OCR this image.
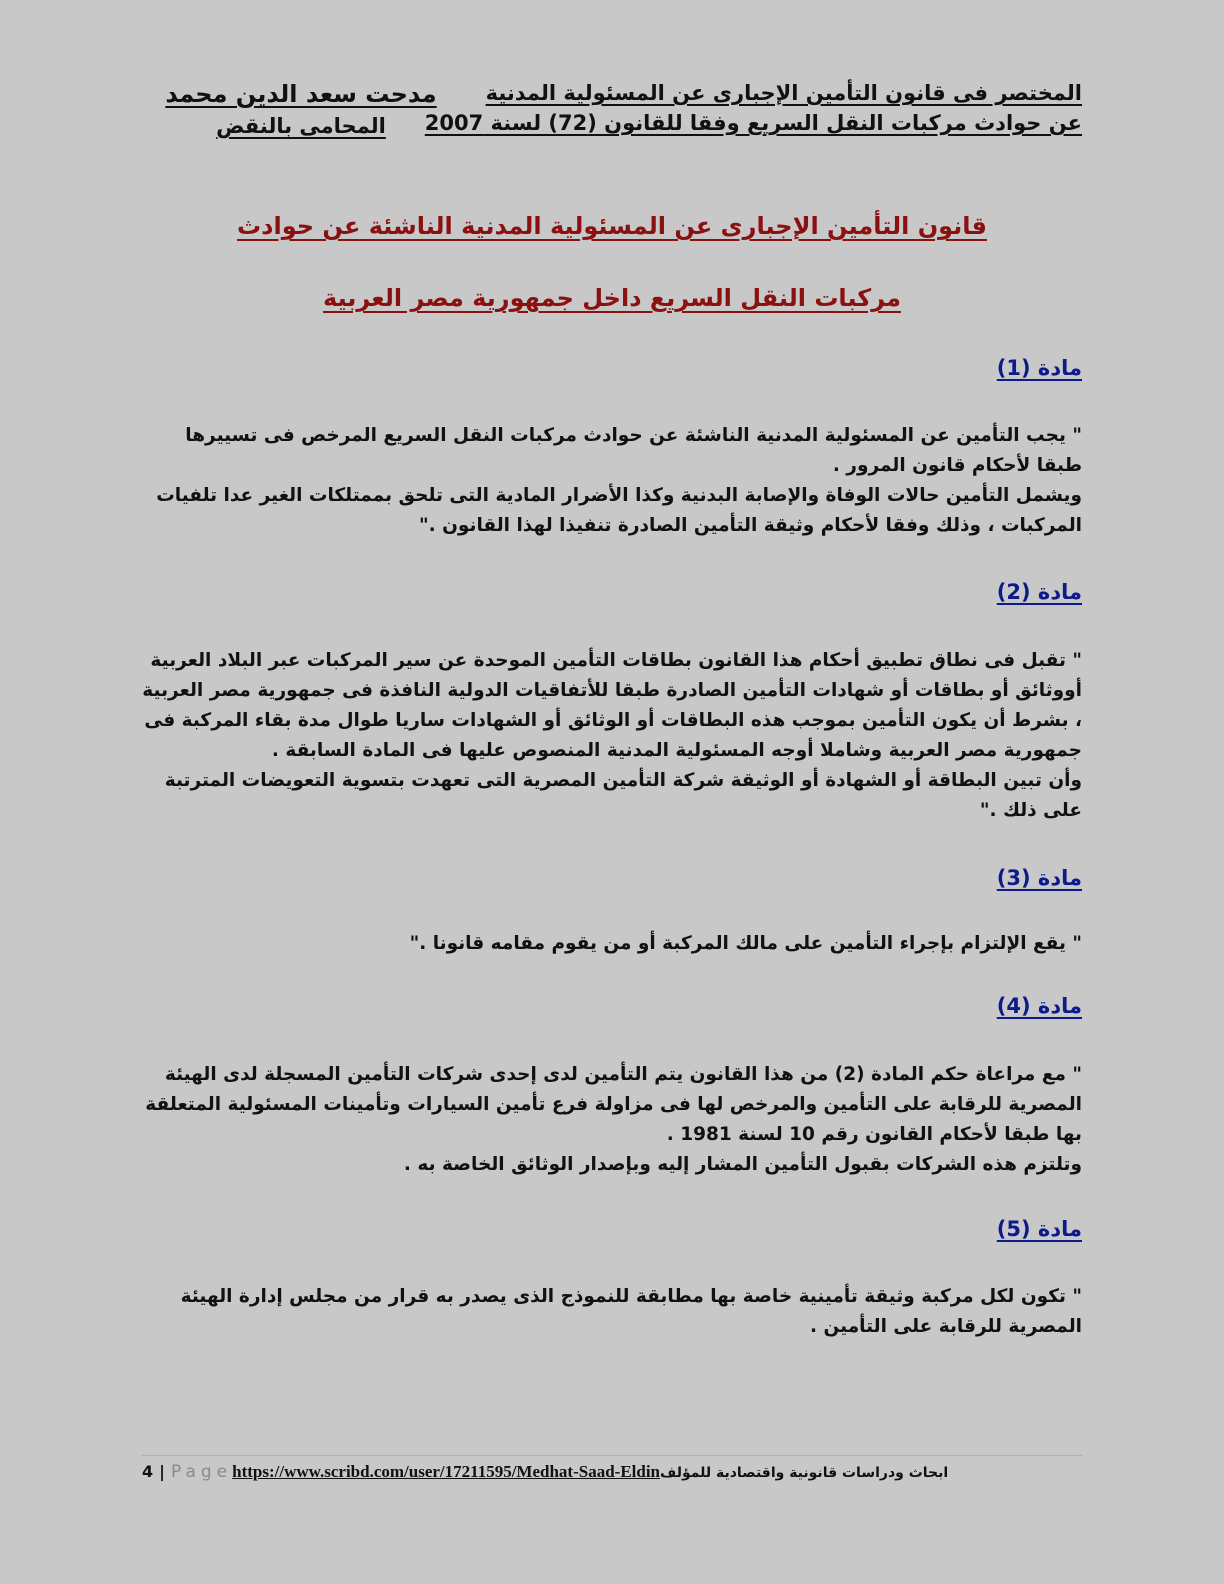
المختصر فى قانون التأمين الإجبارى عن المسئولية المدنية
عن حوادث مركبات النقل السريع وفقا للقانون (72) لسنة 2007
مدحت سعد الدين محمد
المحامى بالنقض
قانون التأمين الإجبارى عن المسئولية المدنية الناشئة عن حوادث
مركبات النقل السريع داخل جمهورية مصر العربية
مادة (1)
" يجب التأمين عن المسئولية المدنية الناشئة عن حوادث مركبات النقل السريع المرخص فى تسييرها
طبقا لأحكام قانون المرور .
ويشمل التأمين حالات الوفاة والإصابة البدنية وكذا الأضرار المادية التى تلحق بممتلكات الغير عدا تلفيات
المركبات ، وذلك وفقا لأحكام وثيقة التأمين الصادرة تنفيذا لهذا القانون ."
مادة (2)
" تقبل فى نطاق تطبيق أحكام هذا القانون بطاقات التأمين الموحدة عن سير المركبات عبر البلاد العربية
أووثائق أو بطاقات أو شهادات التأمين الصادرة طبقا للأتفاقيات الدولية النافذة فى جمهورية مصر العربية
، بشرط أن يكون التأمين بموجب هذه البطاقات أو الوثائق أو الشهادات ساريا طوال مدة بقاء المركبة فى
جمهورية مصر العربية وشاملا أوجه المسئولية المدنية المنصوص عليها فى المادة السابقة .
وأن تبين البطاقة أو الشهادة أو الوثيقة شركة التأمين المصرية التى تعهدت بتسوية التعويضات المترتبة
على ذلك ."
مادة (3)
" يقع الإلتزام بإجراء التأمين على مالك المركبة أو من يقوم مقامه قانونا ."
مادة (4)
" مع مراعاة حكم المادة (2) من هذا القانون يتم التأمين لدى إحدى شركات التأمين المسجلة لدى الهيئة
المصرية للرقابة على التأمين والمرخص لها فى مزاولة فرع تأمين السيارات وتأمينات المسئولية المتعلقة
بها طبقا لأحكام القانون رقم 10 لسنة 1981 .
وتلتزم هذه الشركات بقبول التأمين المشار إليه وبإصدار الوثائق الخاصة به .
مادة (5)
" تكون لكل مركبة وثيقة تأمينية خاصة بها مطابقة للنموذج الذى يصدر به قرار من مجلس إدارة الهيئة
المصرية للرقابة على التأمين .
4 | Pagehttps://www.scribd.com/user/17211595/Medhat-Saad-Eldinابحاث ودراسات قانونية واقتصادية للمؤلف
